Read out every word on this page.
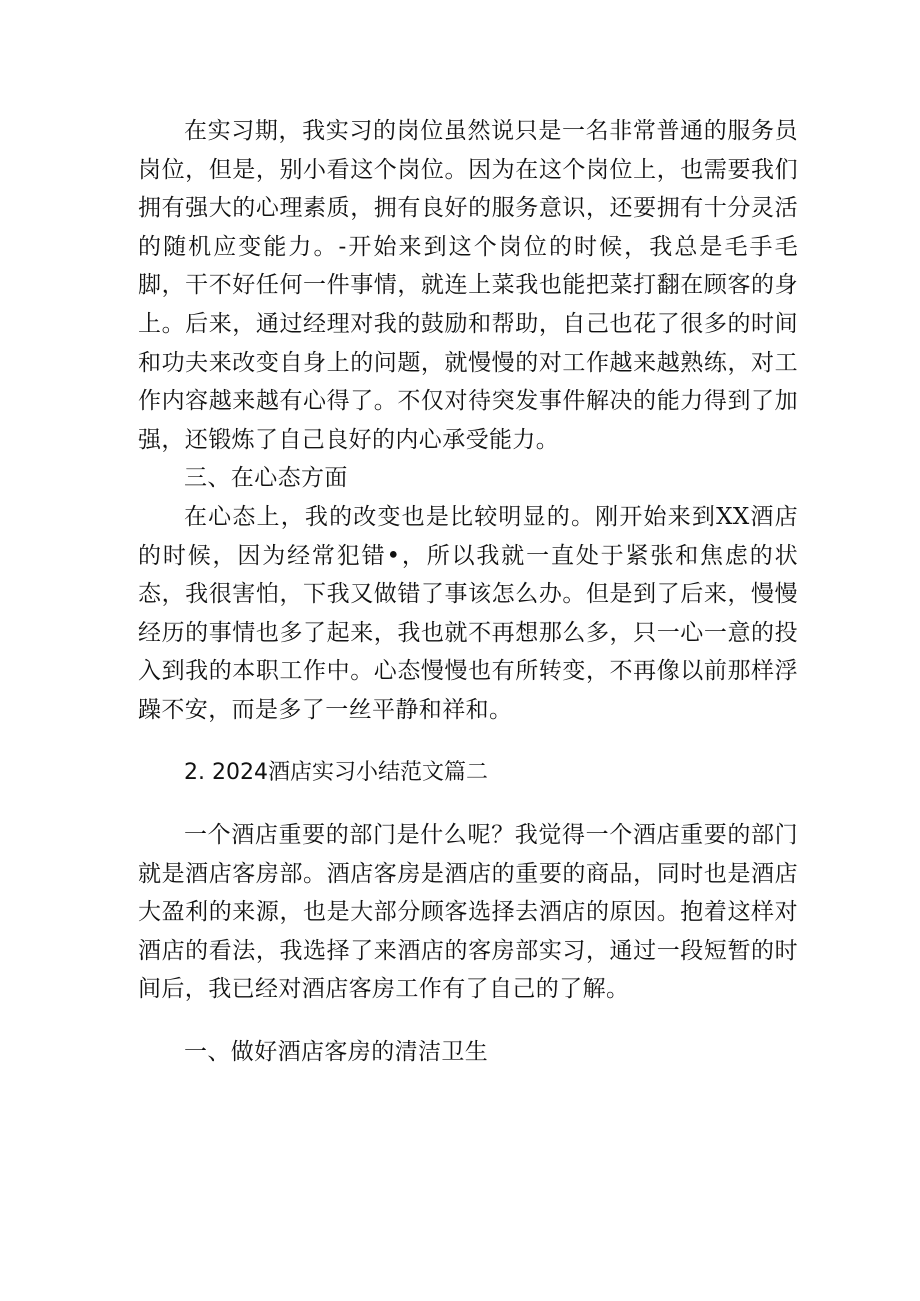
在实习期，我实习的岗位虽然说只是一名非常普通的服务员岗位，但是，别小看这个岗位。因为在这个岗位上，也需要我们拥有强大的心理素质，拥有良好的服务意识，还要拥有十分灵活的随机应变能力。-开始来到这个岗位的时候，我总是毛手毛脚，干不好任何一件事情，就连上菜我也能把菜打翻在顾客的身上。后来，通过经理对我的鼓励和帮助，自己也花了很多的时间和功夫来改变自身上的问题，就慢慢的对工作越来越熟练，对工作内容越来越有心得了。不仅对待突发事件解决的能力得到了加强，还锻炼了自己良好的内心承受能力。

三、在心态方面

在心态上，我的改变也是比较明显的。刚开始来到XX酒店的时候，因为经常犯错•，所以我就一直处于紧张和焦虑的状态，我很害怕，下我又做错了事该怎么办。但是到了后来，慢慢经历的事情也多了起来，我也就不再想那么多，只一心一意的投入到我的本职工作中。心态慢慢也有所转变，不再像以前那样浮躁不安，而是多了一丝平静和祥和。

2. 2024酒店实习小结范文篇二

一个酒店重要的部门是什么呢？我觉得一个酒店重要的部门就是酒店客房部。酒店客房是酒店的重要的商品，同时也是酒店大盈利的来源，也是大部分顾客选择去酒店的原因。抱着这样对酒店的看法，我选择了来酒店的客房部实习，通过一段短暂的时间后，我已经对酒店客房工作有了自己的了解。

一、做好酒店客房的清洁卫生
